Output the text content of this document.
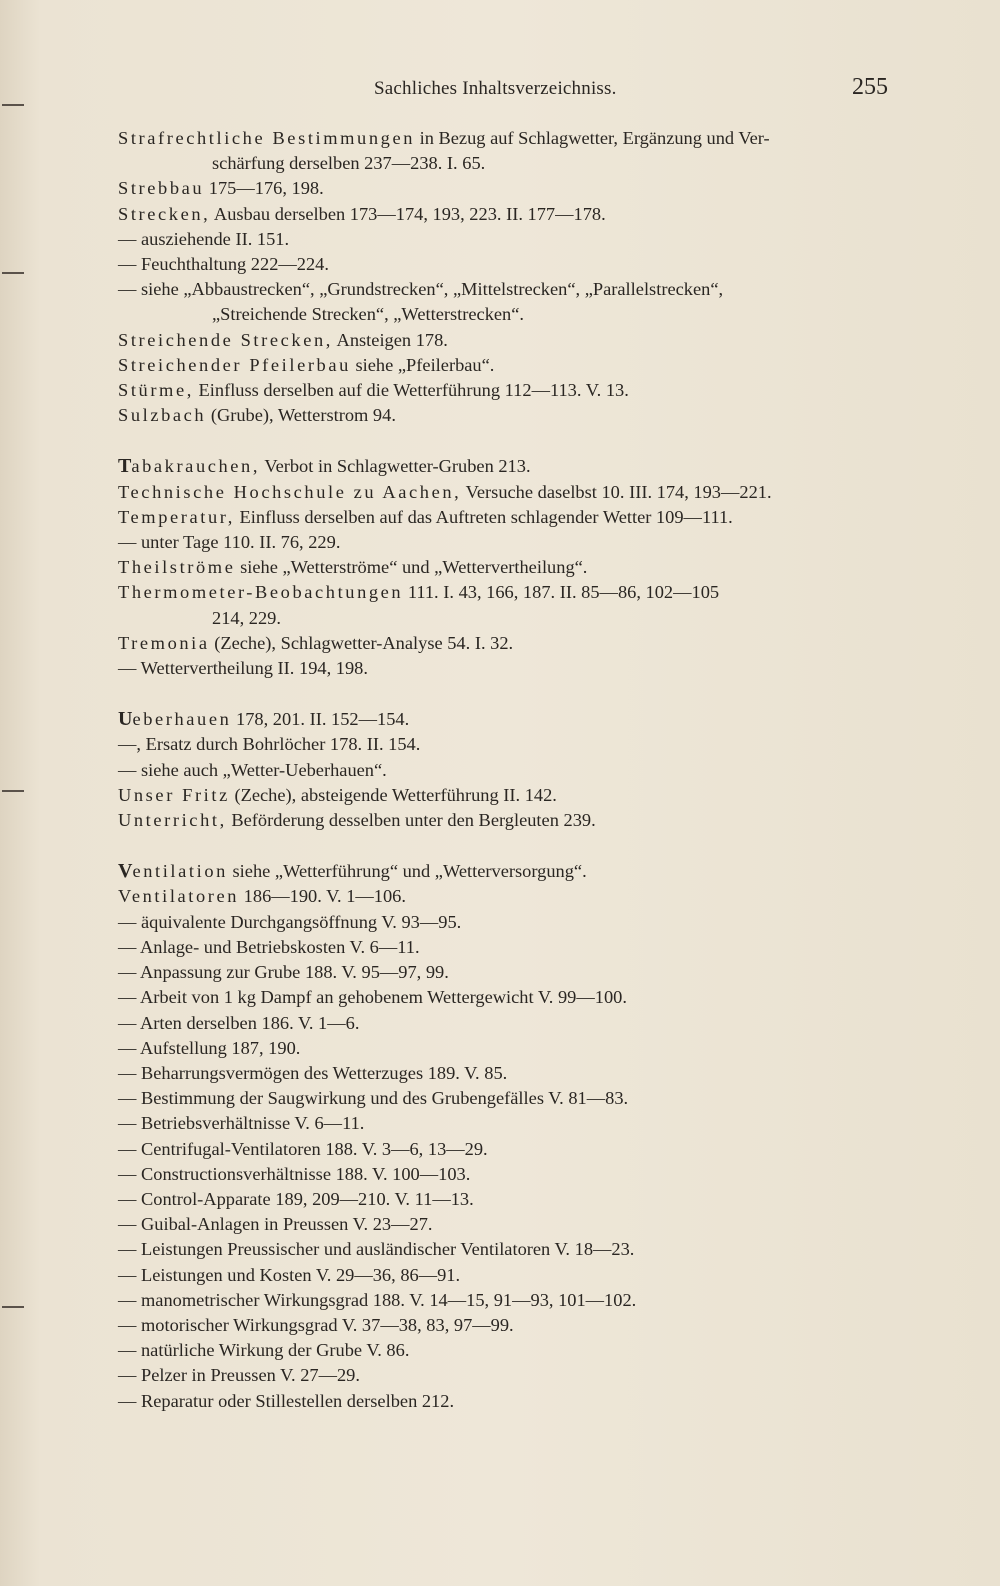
Sachliches Inhaltsverzeichniss.	255
Strafrechtliche Bestimmungen in Bezug auf Schlagwetter, Ergänzung und Ver-
schärfung derselben 237—238. I. 65.
Strebbau 175—176, 198.
Strecken, Ausbau derselben 173—174, 193, 223. II. 177—178.
— ausziehende II. 151.
— Feuchthaltung 222—224.
— siehe „Abbaustrecken“, „Grundstrecken“, „Mittelstrecken“, „Parallelstrecken“,
„Streichende Strecken“, „Wetterstrecken“.
Streichende Strecken, Ansteigen 178.
Streichender Pfeilerbau siehe „Pfeilerbau“.
Stürme, Einfluss derselben auf die Wetterführung 112—113. V. 13.
Sulzbach (Grube), Wetterstrom 94.
Tabakrauchen, Verbot in Schlagwetter-Gruben 213.
Technische Hochschule zu Aachen, Versuche daselbst 10. III. 174, 193—221.
Temperatur, Einfluss derselben auf das Auftreten schlagender Wetter 109—111.
— unter Tage 110. II. 76, 229.
Theilströme siehe „Wetterströme“ und „Wettervertheilung“.
Thermometer-Beobachtungen 111. I. 43, 166, 187. II. 85—86, 102—105
214, 229.
Tremonia (Zeche), Schlagwetter-Analyse 54. I. 32.
— Wettervertheilung II. 194, 198.
Ueberhauen 178, 201. II. 152—154.
—, Ersatz durch Bohrlöcher 178. II. 154.
— siehe auch „Wetter-Ueberhauen“.
Unser Fritz (Zeche), absteigende Wetterführung II. 142.
Unterricht, Beförderung desselben unter den Bergleuten 239.
Ventilation siehe „Wetterführung“ und „Wetterversorgung“.
Ventilatoren 186—190. V. 1—106.
— äquivalente Durchgangsöffnung V. 93—95.
— Anlage- und Betriebskosten V. 6—11.
— Anpassung zur Grube 188. V. 95—97, 99.
— Arbeit von 1 kg Dampf an gehobenem Wettergewicht V. 99—100.
— Arten derselben 186. V. 1—6.
— Aufstellung 187, 190.
— Beharrungsvermögen des Wetterzuges 189. V. 85.
— Bestimmung der Saugwirkung und des Grubengefälles V. 81—83.
— Betriebsverhältnisse V. 6—11.
— Centrifugal-Ventilatoren 188. V. 3—6, 13—29.
— Constructionsverhältnisse 188. V. 100—103.
— Control-Apparate 189, 209—210. V. 11—13.
— Guibal-Anlagen in Preussen V. 23—27.
— Leistungen Preussischer und ausländischer Ventilatoren V. 18—23.
— Leistungen und Kosten V. 29—36, 86—91.
— manometrischer Wirkungsgrad 188. V. 14—15, 91—93, 101—102.
— motorischer Wirkungsgrad V. 37—38, 83, 97—99.
— natürliche Wirkung der Grube V. 86.
— Pelzer in Preussen V. 27—29.
— Reparatur oder Stillestellen derselben 212.
